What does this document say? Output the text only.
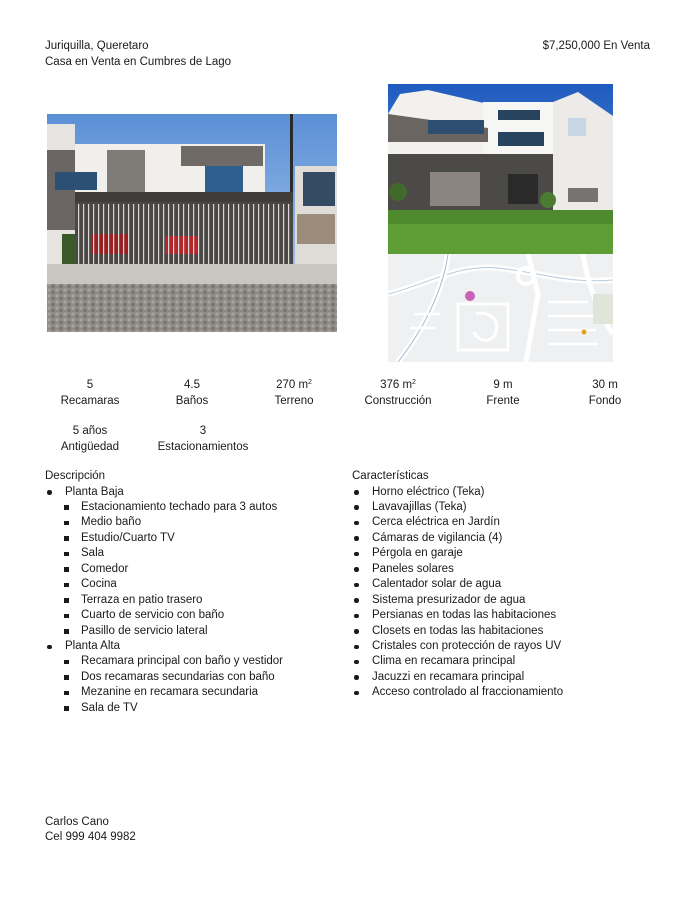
Juriquilla, Queretaro
Casa en Venta en Cumbres de Lago
$7,250,000 En Venta
5
Recamaras
4.5
Baños
270 $m^2$
Terreno
376 $m^2$
Construcción
9 m
Frente
30 m
Fondo
5 años
Antigüedad
3
Estacionamientos
Descripción
Planta Baja
Estacionamiento techado para 3 autos
Medio baño
Estudio/Cuarto TV
Sala
Comedor
Cocina
Terraza en patio trasero
Cuarto de servicio con baño
Pasillo de servicio lateral
Planta Alta
Recamara principal con baño y vestidor
Dos recamaras secundarias con baño
Mezanine en recamara secundaria
Sala de TV
Características
Horno eléctrico (Teka)
Lavavajillas (Teka)
Cerca eléctrica en Jardín
Cámaras de vigilancia (4)
Pérgola en garaje
Paneles solares
Calentador solar de agua
Sistema presurizador de agua
Persianas en todas las habitaciones
Closets en todas las habitaciones
Cristales con protección de rayos UV
Clima en recamara principal
Jacuzzi en recamara principal
Acceso controlado al fraccionamiento
Carlos Cano
Cel 999 404 9982
